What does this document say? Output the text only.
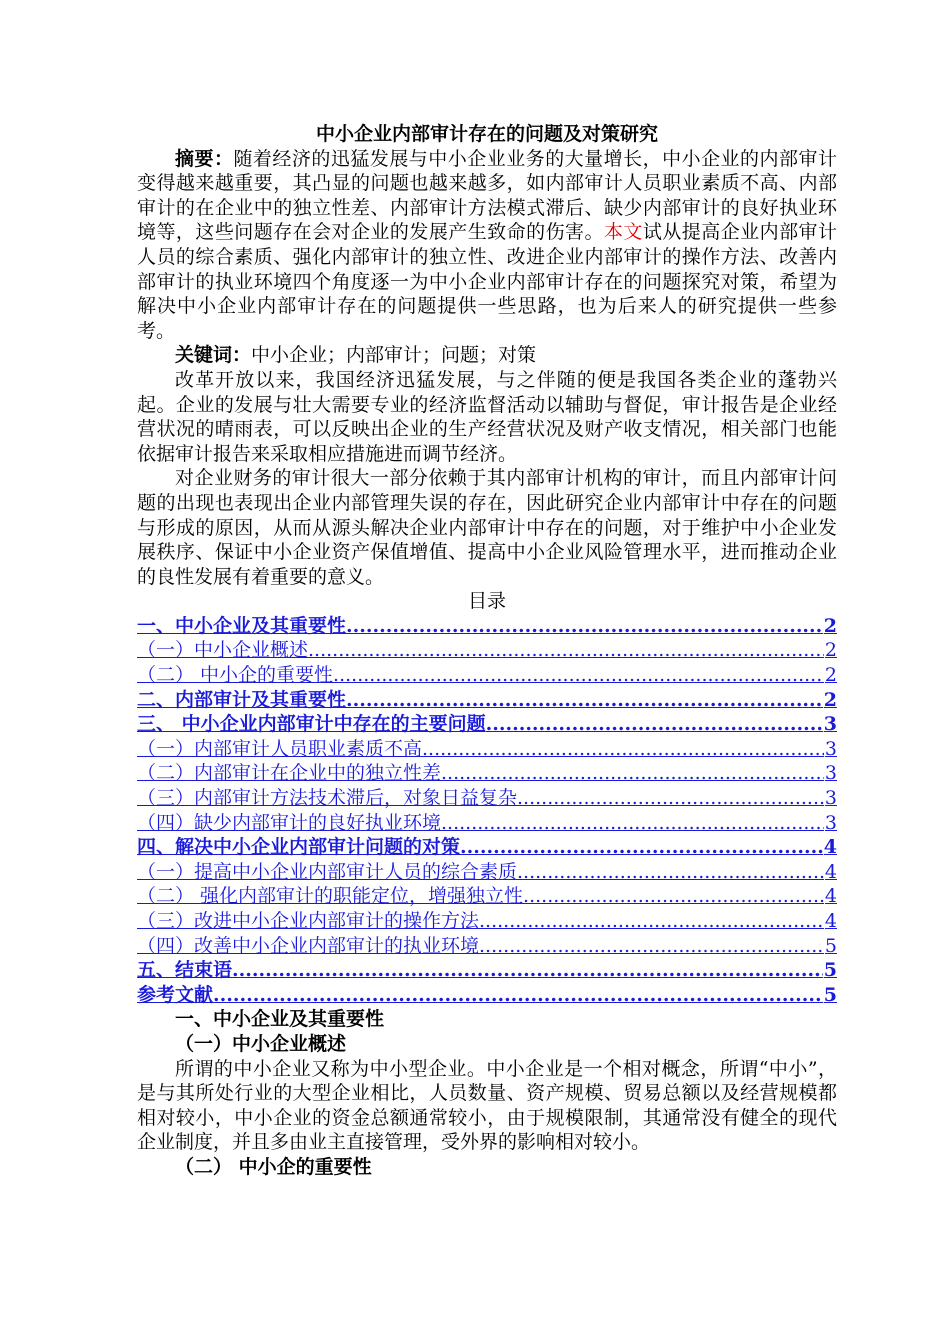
中小企业内部审计存在的问题及对策研究

摘要：随着经济的迅猛发展与中小企业业务的大量增长，中小企业的内部审计变得越来越重要，其凸显的问题也越来越多，如内部审计人员职业素质不高、内部审计的在企业中的独立性差、内部审计方法模式滞后、缺少内部审计的良好执业环境等，这些问题存在会对企业的发展产生致命的伤害。本文试从提高企业内部审计人员的综合素质、强化内部审计的独立性、改进企业内部审计的操作方法、改善内部审计的执业环境四个角度逐一为中小企业内部审计存在的问题探究对策，希望为解决中小企业内部审计存在的问题提供一些思路，也为后来人的研究提供一些参考。

关键词：中小企业；内部审计；问题；对策

改革开放以来，我国经济迅猛发展，与之伴随的便是我国各类企业的蓬勃兴起。企业的发展与壮大需要专业的经济监督活动以辅助与督促，审计报告是企业经营状况的晴雨表，可以反映出企业的生产经营状况及财产收支情况，相关部门也能依据审计报告来采取相应措施进而调节经济。

对企业财务的审计很大一部分依赖于其内部审计机构的审计，而且内部审计问题的出现也表现出企业内部管理失误的存在，因此研究企业内部审计中存在的问题与形成的原因，从而从源头解决企业内部审计中存在的问题，对于维护中小企业发展秩序、保证中小企业资产保值增值、提高中小企业风险管理水平，进而推动企业的良性发展有着重要的意义。

目录
一、中小企业及其重要性 .....	2
（一）中小企业概述 .....	2
（二） 中小企的重要性 .....	2
二、内部审计及其重要性 .....	2
三、 中小企业内部审计中存在的主要问题 .....	3
（一）内部审计人员职业素质不高 .....	3
（二）内部审计在企业中的独立性差 .....	3
（三）内部审计方法技术滞后，对象日益复杂 .....	3
（四）缺少内部审计的良好执业环境 .....	3
四、解决中小企业内部审计问题的对策 .....	4
（一）提高中小企业内部审计人员的综合素质 .....	4
（二） 强化内部审计的职能定位，增强独立性 .....	4
（三）改进中小企业内部审计的操作方法 .....	4
（四）改善中小企业内部审计的执业环境 .....	5
五、结束语 .....	5
参考文献 .....	5
一、中小企业及其重要性
（一）中小企业概述

所谓的中小企业又称为中小型企业。中小企业是一个相对概念，所谓“中小”，是与其所处行业的大型企业相比，人员数量、资产规模、贸易总额以及经营规模都相对较小，中小企业的资金总额通常较小，由于规模限制，其通常没有健全的现代企业制度，并且多由业主直接管理，受外界的影响相对较小。

（二） 中小企的重要性
